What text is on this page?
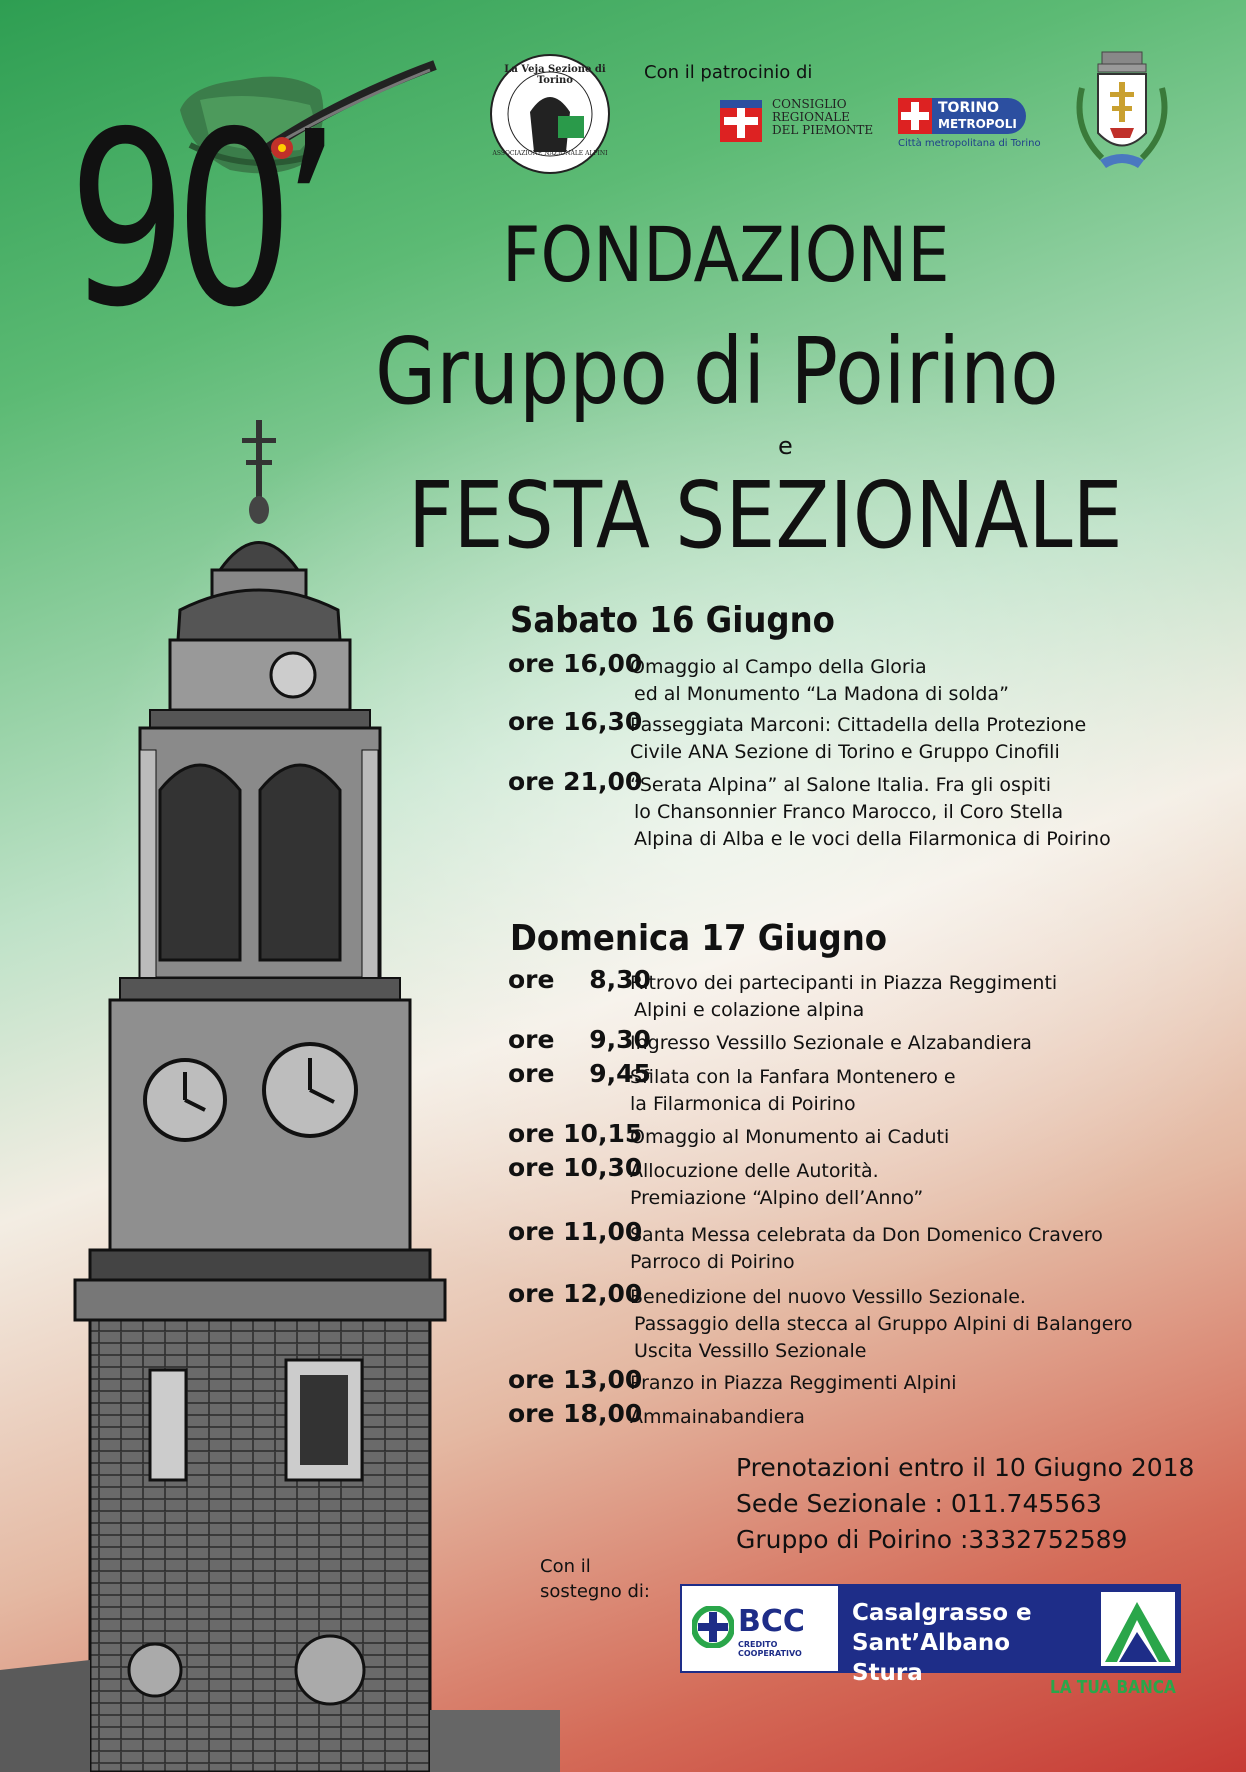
La Veja Sezione di Torino
ASSOCIAZIONE NAZIONALE ALPINI
Con il patrocinio di
CONSIGLIO
REGIONALE
DEL PIEMONTE
TORINO
METROPOLI
Città metropolitana di Torino
90’ FONDAZIONE
Gruppo di Poirino
e
FESTA SEZIONALE
Sabato 16 Giugno
ore 16,00
Omaggio al Campo della Gloria
ed al Monumento “La Madona di solda”
ore 16,30
Passeggiata Marconi: Cittadella della Protezione
Civile ANA Sezione di Torino e Gruppo Cinofili
ore 21,00
“Serata Alpina” al Salone Italia. Fra gli ospiti
lo Chansonnier Franco Marocco, il Coro Stella
Alpina di Alba e le voci della Filarmonica di Poirino
Domenica 17 Giugno
ore    8,30
Ritrovo dei partecipanti in Piazza Reggimenti
Alpini e colazione alpina
ore    9,30
Ingresso Vessillo Sezionale e Alzabandiera
ore    9,45
Sfilata con la Fanfara Montenero e
la Filarmonica di Poirino
ore 10,15
Omaggio al Monumento ai Caduti
ore 10,30
Allocuzione delle Autorità.
Premiazione “Alpino dell’Anno”
ore 11,00
Santa Messa celebrata da Don Domenico Cravero
Parroco di Poirino
ore 12,00
Benedizione del nuovo Vessillo Sezionale.
Passaggio della stecca al Gruppo Alpini di Balangero
Uscita Vessillo Sezionale
ore 13,00
Pranzo in Piazza Reggimenti Alpini
ore 18,00
Ammainabandiera
Prenotazioni entro il 10 Giugno 2018
Sede Sezionale : 011.745563
Gruppo di Poirino :3332752589
Con il
sostegno di:
BCC
CREDITO COOPERATIVO
Casalgrasso e
Sant’Albano Stura
LA TUA BANCA
